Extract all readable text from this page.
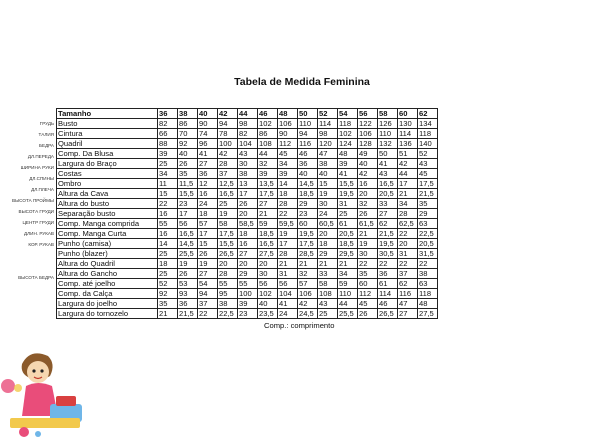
Tabela de Medida Feminina
ГРУДЬ
ТАЛИЯ
БЕДРА
ДЛ.ПЕРЕДА
ШИРИНА РУКИ
ДЛ.СПИНЫ
ДЛ.ПЛЕЧА
ВЫСОТА ПРОЙМЫ
ВЫСОТА ГРУДИ
ЦЕНТР ГРУДИ
ДЛИН. РУКАВ
КОР. РУКАВ
ВЫСОТА БЕДРА
Tamanho	36	38	40	42	44	46	48	50	52	54	56	58	60	62
Busto	82	86	90	94	98	102	106	110	114	118	122	126	130	134
Cintura	66	70	74	78	82	86	90	94	98	102	106	110	114	118
Quadril	88	92	96	100	104	108	112	116	120	124	128	132	136	140
Comp. Da Blusa	39	40	41	42	43	44	45	46	47	48	49	50	51	52
Largura do Braço	25	26	27	28	30	32	34	36	38	39	40	41	42	43
Costas	34	35	36	37	38	39	39	40	40	41	42	43	44	45
Ombro	11	11,5	12	12,5	13	13,5	14	14,5	15	15,5	16	16,5	17	17,5
Altura da Cava	15	15,5	16	16,5	17	17,5	18	18,5	19	19,5	20	20,5	21	21,5
Altura do busto	22	23	24	25	26	27	28	29	30	31	32	33	34	35
Separação busto	16	17	18	19	20	21	22	23	24	25	26	27	28	29
Comp. Manga comprida	55	56	57	58	58,5	59	59,5	60	60,5	61	61,5	62	62,5	63
Comp. Manga Curta	16	16,5	17	17,5	18	18,5	19	19,5	20	20,5	21	21,5	22	22,5
Punho (camisa)	14	14,5	15	15,5	16	16,5	17	17,5	18	18,5	19	19,5	20	20,5
Punho (blazer)	25	25,5	26	26,5	27	27,5	28	28,5	29	29,5	30	30,5	31	31,5
Altura do Quadril	18	19	19	20	20	20	21	21	21	21	22	22	22	22
Altura do Gancho	25	26	27	28	29	30	31	32	33	34	35	36	37	38
Comp. até joelho	52	53	54	55	55	56	56	57	58	59	60	61	62	63
Comp. da Calça	92	93	94	95	100	102	104	106	108	110	112	114	116	118
Largura do joelho	35	36	37	38	39	40	41	42	43	44	45	46	47	48
Largura do tornozelo	21	21,5	22	22,5	23	23,5	24	24,5	25	25,5	26	26,5	27	27,5
Comp.: comprimento
